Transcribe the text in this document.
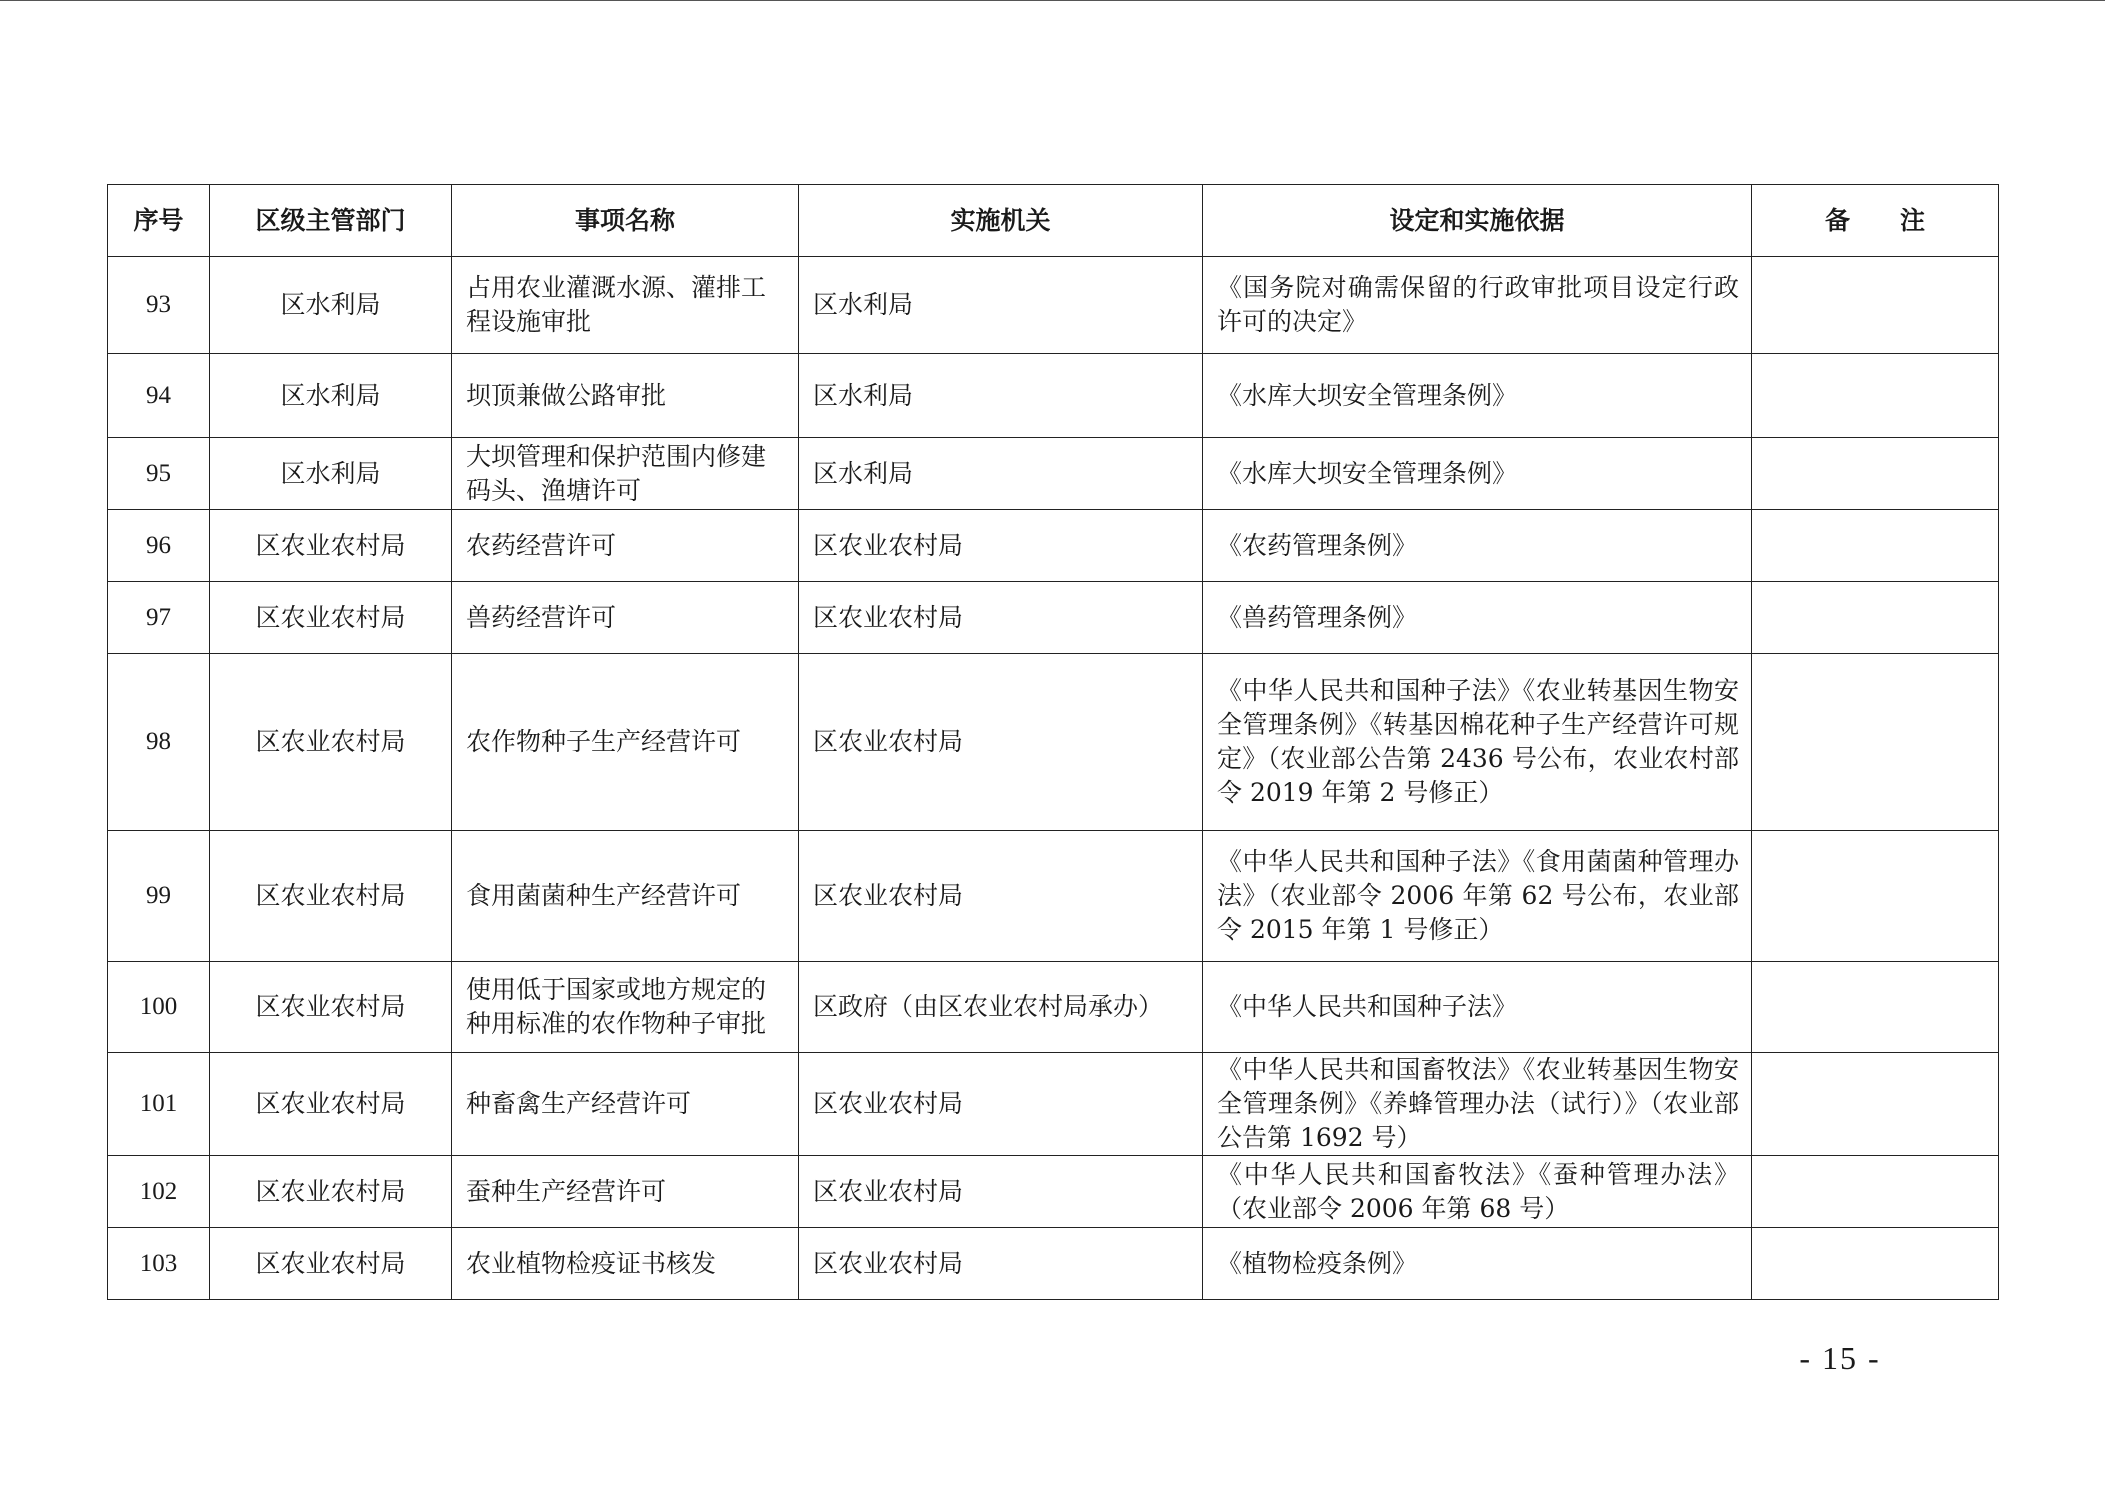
序号	区级主管部门	事项名称	实施机关	设定和实施依据	备　　注
93	区水利局	占用农业灌溉水源、灌排工程设施审批	区水利局	《国务院对确需保留的行政审批项目设定行政许可的决定》	
94	区水利局	坝顶兼做公路审批	区水利局	《水库大坝安全管理条例》	
95	区水利局	大坝管理和保护范围内修建码头、渔塘许可	区水利局	《水库大坝安全管理条例》	
96	区农业农村局	农药经营许可	区农业农村局	《农药管理条例》	
97	区农业农村局	兽药经营许可	区农业农村局	《兽药管理条例》	
98	区农业农村局	农作物种子生产经营许可	区农业农村局	《中华人民共和国种子法》《农业转基因生物安全管理条例》《转基因棉花种子生产经营许可规定》（农业部公告第 2436 号公布，农业农村部令 2019 年第 2 号修正）	
99	区农业农村局	食用菌菌种生产经营许可	区农业农村局	《中华人民共和国种子法》《食用菌菌种管理办法》（农业部令 2006 年第 62 号公布，农业部令 2015 年第 1 号修正）	
100	区农业农村局	使用低于国家或地方规定的种用标准的农作物种子审批	区政府（由区农业农村局承办）	《中华人民共和国种子法》	
101	区农业农村局	种畜禽生产经营许可	区农业农村局	《中华人民共和国畜牧法》《农业转基因生物安全管理条例》《养蜂管理办法（试行）》（农业部公告第 1692 号）	
102	区农业农村局	蚕种生产经营许可	区农业农村局	《中华人民共和国畜牧法》《蚕种管理办法》（农业部令 2006 年第 68 号）	
103	区农业农村局	农业植物检疫证书核发	区农业农村局	《植物检疫条例》	
- 15 -
